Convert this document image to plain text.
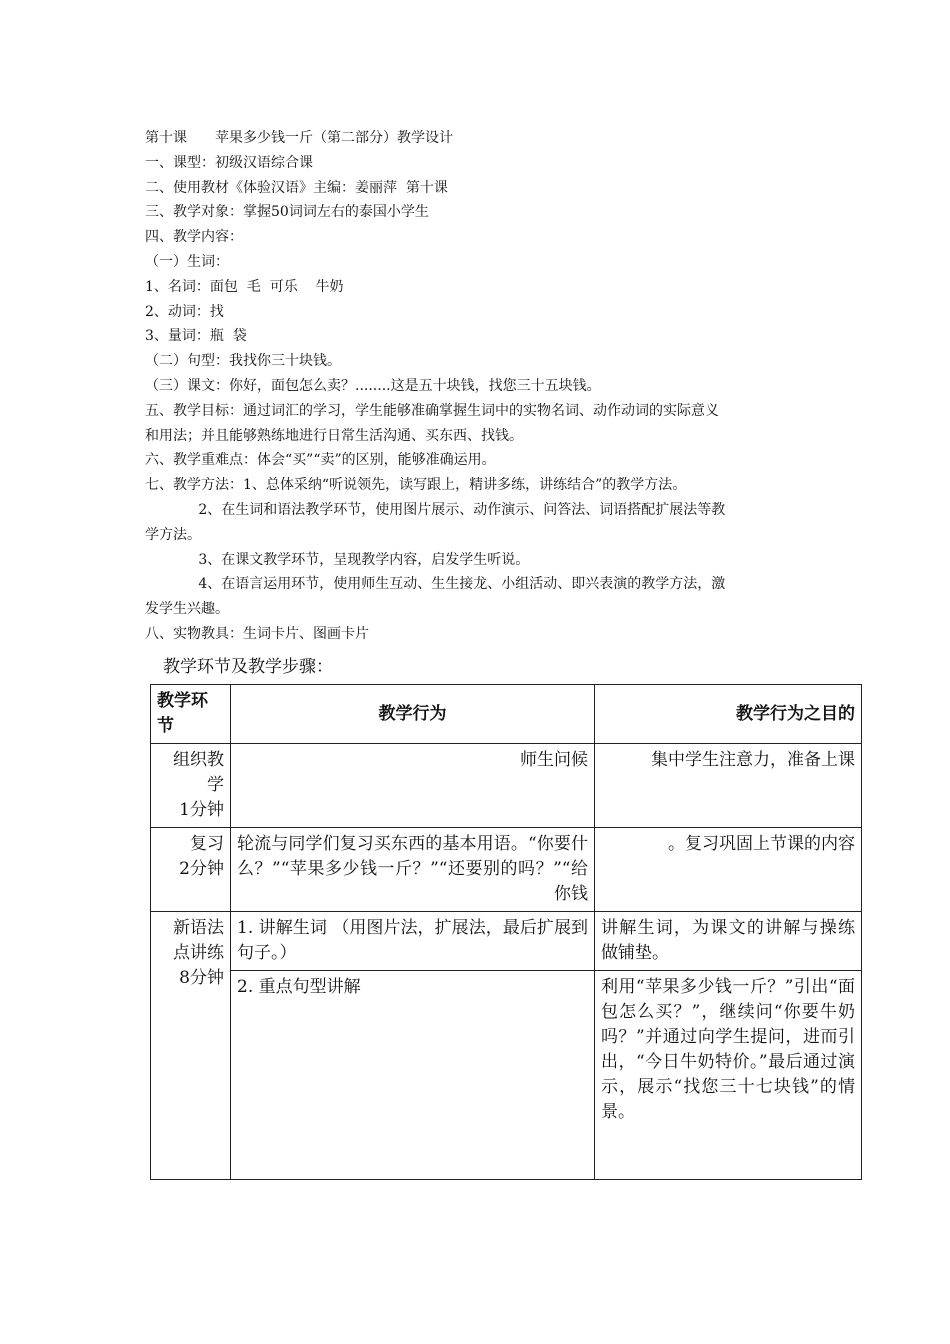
第十课　　苹果多少钱一斤（第二部分）教学设计
一、课型：初级汉语综合课
二、使用教材《体验汉语》主编：姜丽萍  第十课
三、教学对象：掌握50词词左右的泰国小学生
四、教学内容：
（一）生词：
1、名词：面包  毛  可乐    牛奶
2、动词：找
3、量词：瓶  袋
（二）句型：我找你三十块钱。
（三）课文：你好，面包怎么卖？........这是五十块钱，找您三十五块钱。
五、教学目标：通过词汇的学习，学生能够准确掌握生词中的实物名词、动作动词的实际意义
和用法；并且能够熟练地进行日常生活沟通、买东西、找钱。
六、教学重难点：体会“买”“卖”的区别，能够准确运用。
七、教学方法：1、总体采纳“听说领先，读写跟上，精讲多练，讲练结合”的教学方法。
2、在生词和语法教学环节，使用图片展示、动作演示、问答法、词语搭配扩展法等教
学方法。
3、在课文教学环节，呈现教学内容，启发学生听说。
4、在语言运用环节，使用师生互动、生生接龙、小组活动、即兴表演的教学方法，激
发学生兴趣。
八、实物教具：生词卡片、图画卡片
教学环节及教学步骤：
教学环节	教学行为	教学行为之目的

组织教学
1分钟	师生问候	集中学生注意力，准备上课

复习
2分钟	轮流与同学们复习买东西的基本用语。“你要什么？”“苹果多少钱一斤？”“还要别的吗？”“给你钱	。复习巩固上节课的内容

新语法点讲练
8分钟	1. 讲解生词 （用图片法，扩展法，最后扩展到句子。）	讲解生词，为课文的讲解与操练做铺垫。
	2. 重点句型讲解	利用“苹果多少钱一斤？”引出“面包怎么买？”，继续问“你要牛奶吗？”并通过向学生提问，进而引出，“今日牛奶特价。”最后通过演示，展示“找您三十七块钱”的情景。
